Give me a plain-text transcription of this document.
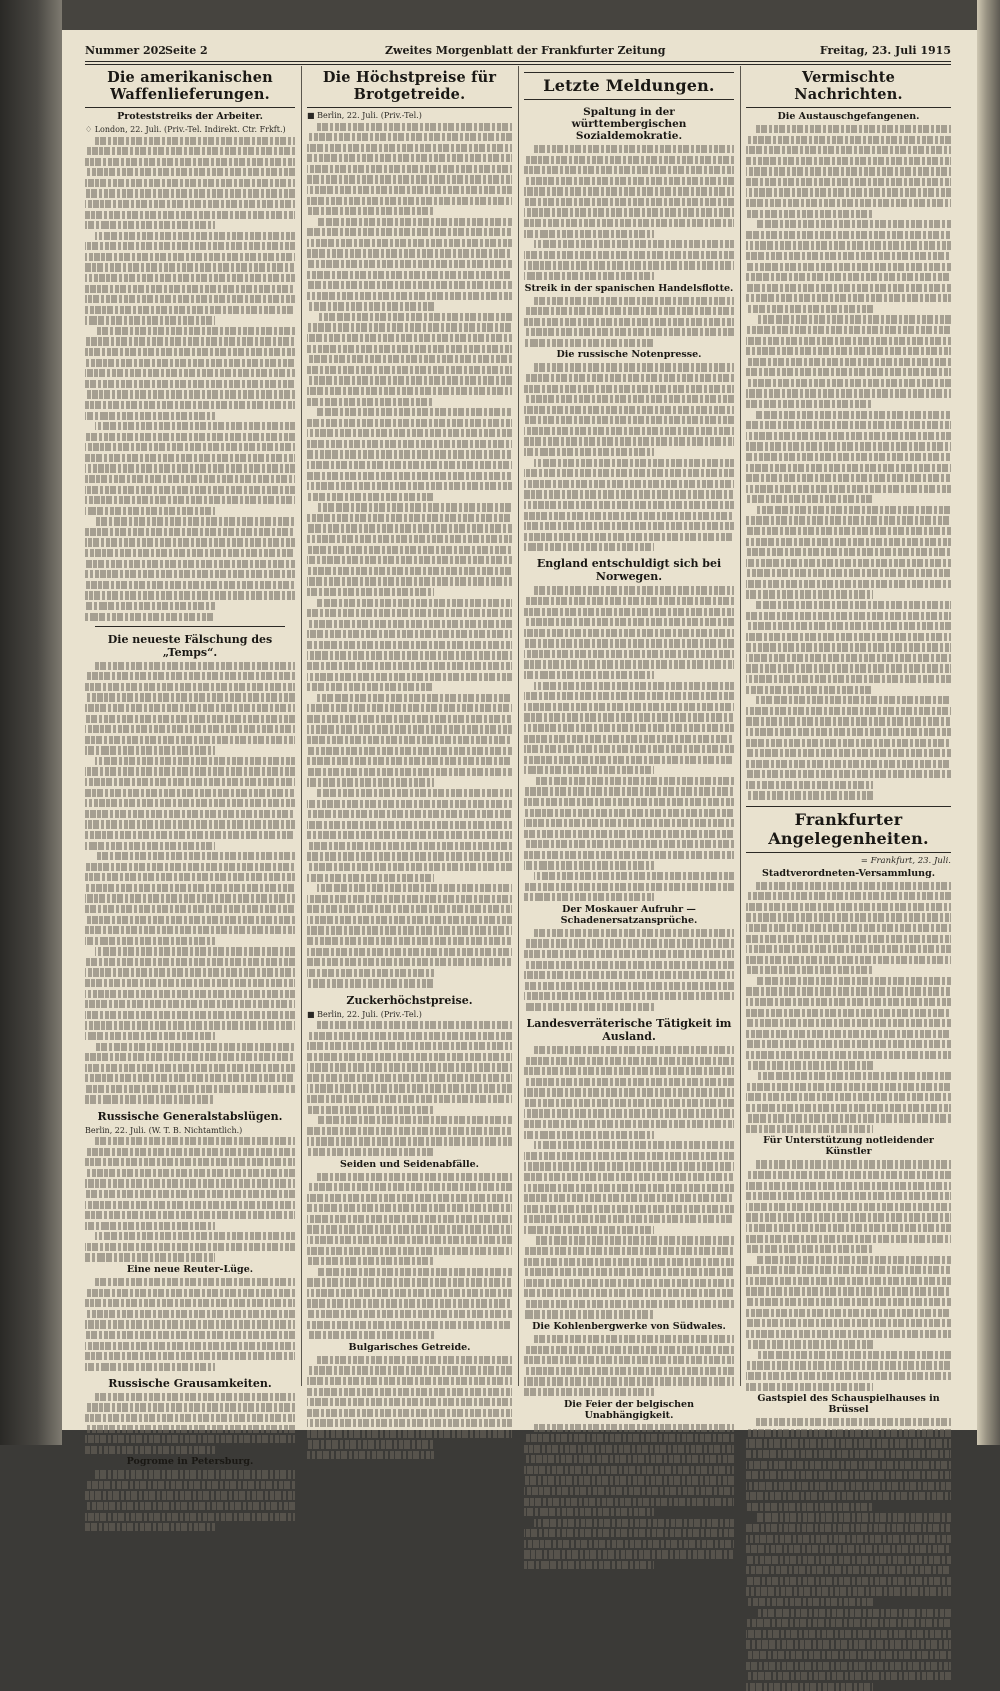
Nummer 202 Seite 2	Zweites Morgenblatt der Frankfurter Zeitung	Freitag, 23. Juli 1915
Die amerikanischen Waffenlieferungen.
Proteststreiks der Arbeiter.
♢ London, 22. Juli. (Priv.-Tel. Indirekt. Ctr. Frkft.)
Die neueste Fälschung des „Temps“.
Russische Generalstabslügen.
Berlin, 22. Juli. (W. T. B. Nichtamtlich.)
Eine neue Reuter-Lüge.
Russische Grausamkeiten.
Pogrome in Petersburg.
Die Höchstpreise für Brotgetreide.
■ Berlin, 22. Juli. (Priv.-Tel.)
Zuckerhöchstpreise.
■ Berlin, 22. Juli. (Priv.-Tel.)
Seiden und Seidenabfälle.
Bulgarisches Getreide.
Letzte Meldungen.
Spaltung in der württembergischen Sozialdemokratie.
Streik in der spanischen Handelsflotte.
Die russische Notenpresse.
England entschuldigt sich bei Norwegen.
Der Moskauer Aufruhr — Schadenersatzansprüche.
Landesverräterische Tätigkeit im Ausland.
Die Kohlenbergwerke von Südwales.
Die Feier der belgischen Unabhängigkeit.
Vermischte Nachrichten.
Die Austauschgefangenen.
Frankfurter Angelegenheiten.
= Frankfurt, 23. Juli.
Stadtverordneten-Versammlung.
Für Unterstützung notleidender Künstler
Gastspiel des Schauspielhauses in Brüssel
